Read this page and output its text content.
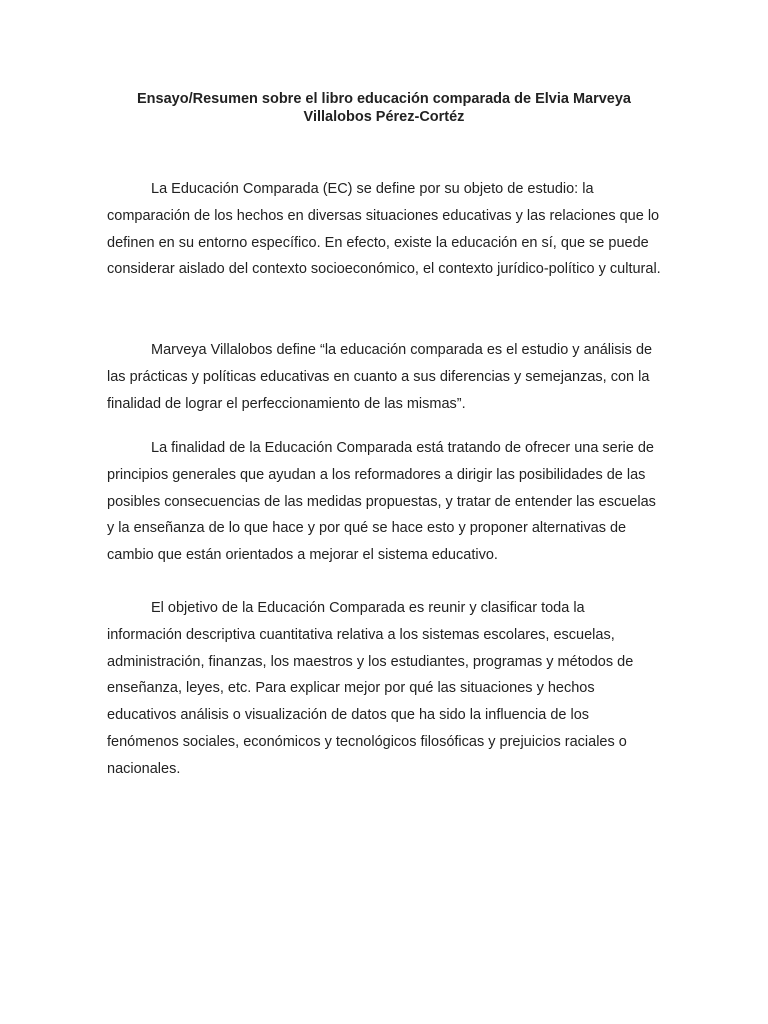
Ensayo/Resumen sobre el libro educación comparada de Elvia Marveya
Villalobos Pérez-Cortéz

La Educación Comparada (EC) se define por su objeto de estudio: la comparación de los hechos en diversas situaciones educativas y las relaciones que lo definen en su entorno específico. En efecto, existe la educación en sí, que se puede considerar aislado del contexto socioeconómico, el contexto jurídico-político y cultural.

Marveya Villalobos define “la educación comparada es el estudio y análisis de las prácticas y políticas educativas en cuanto a sus diferencias y semejanzas, con la finalidad de lograr el perfeccionamiento de las mismas”.

La finalidad de la Educación Comparada está tratando de ofrecer una serie de principios generales que ayudan a los reformadores a dirigir las posibilidades de las posibles consecuencias de las medidas propuestas, y tratar de entender las escuelas y la enseñanza de lo que hace y por qué se hace esto y proponer alternativas de cambio que están orientados a mejorar el sistema educativo.

El objetivo de la Educación Comparada es reunir y clasificar toda la información descriptiva cuantitativa relativa a los sistemas escolares, escuelas, administración, finanzas, los maestros y los estudiantes, programas y métodos de enseñanza, leyes, etc. Para explicar mejor por qué las situaciones y hechos educativos análisis o visualización de datos que ha sido la influencia de los fenómenos sociales, económicos y tecnológicos filosóficas y prejuicios raciales o nacionales.
